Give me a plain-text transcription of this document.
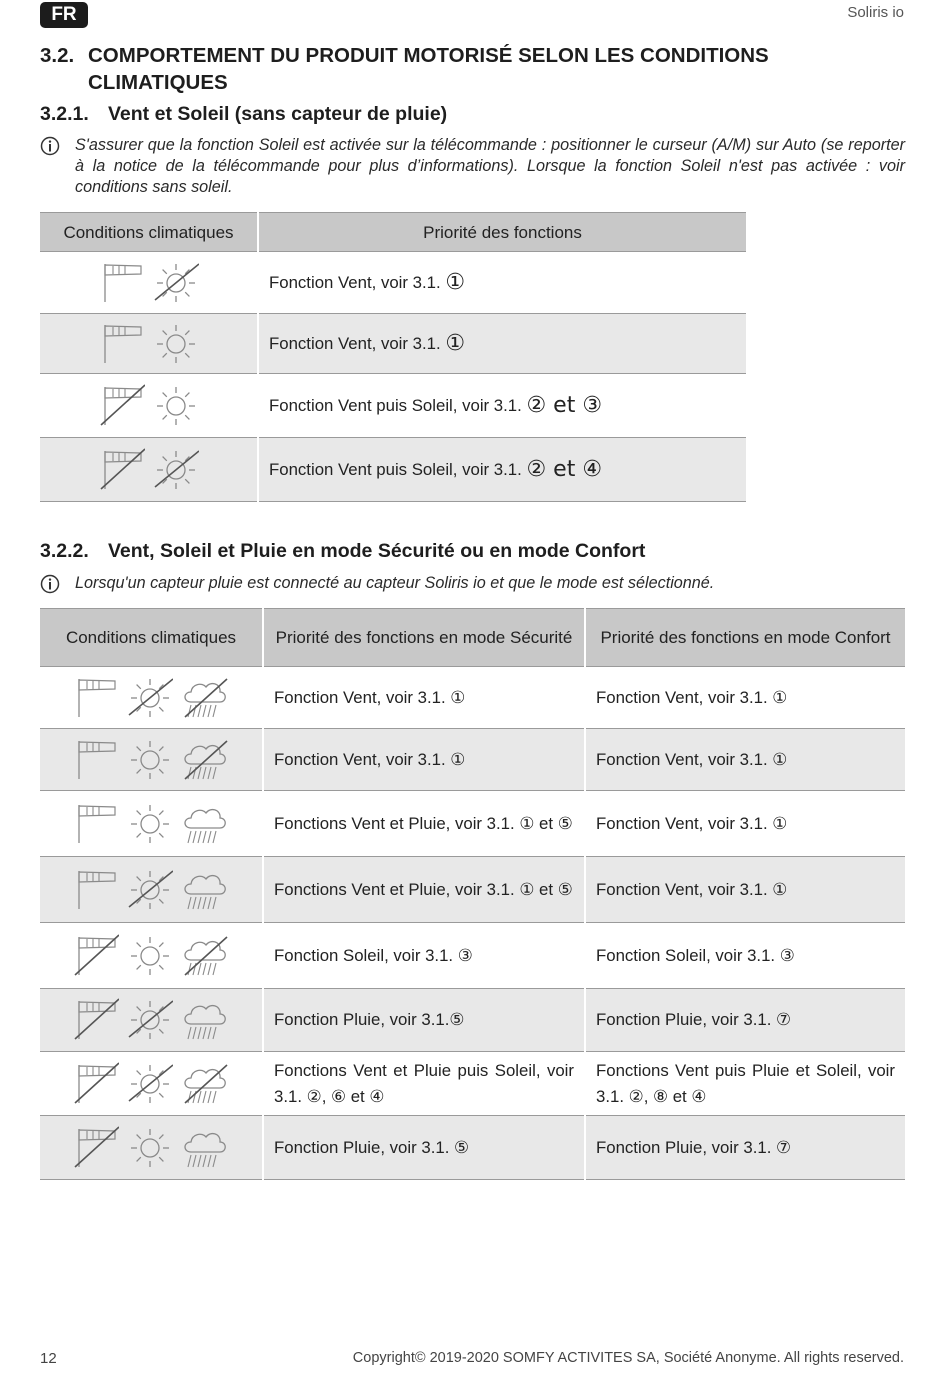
FR	Soliris io
3.2. COMPORTEMENT DU PRODUIT MOTORISÉ SELON LES CONDITIONS CLIMATIQUES
3.2.1. Vent et Soleil (sans capteur de pluie)

S'assurer que la fonction Soleil est activée sur la télécommande : positionner le curseur (A/M) sur Auto (se reporter à la notice de la télécommande pour plus d’informations). Lorsque la fonction Soleil n'est pas activée : voir conditions sans soleil.

Conditions climatiques	Priorité des fonctions
	Fonction Vent, voir 3.1. ①
	Fonction Vent, voir 3.1. ①
	Fonction Vent puis Soleil, voir 3.1. ② et ③
	Fonction Vent puis Soleil, voir 3.1. ② et ④
3.2.2. Vent, Soleil et Pluie en mode Sécurité ou en mode Confort

Lorsqu'un capteur pluie est connecté au capteur Soliris io et que le mode est sélectionné.

Conditions climatiques	Priorité des fonctions en mode Sécurité	Priorité des fonctions en mode Confort
	Fonction Vent, voir 3.1. ①	Fonction Vent, voir 3.1. ①
	Fonction Vent, voir 3.1. ①	Fonction Vent, voir 3.1. ①
	Fonctions Vent et Pluie, voir 3.1. ① et ⑤	Fonction Vent, voir 3.1. ①
	Fonctions Vent et Pluie, voir 3.1. ① et ⑤	Fonction Vent, voir 3.1. ①
	Fonction Soleil, voir 3.1. ③	Fonction Soleil, voir 3.1. ③
	Fonction Pluie, voir 3.1.⑤	Fonction Pluie, voir 3.1. ⑦
	Fonctions Vent et Pluie puis Soleil, voir 3.1. ②, ⑥ et ④	Fonctions Vent puis Pluie et Soleil, voir 3.1. ②, ⑧ et ④
	Fonction Pluie, voir 3.1. ⑤	Fonction Pluie, voir 3.1. ⑦
12	Copyright© 2019-2020 SOMFY ACTIVITES SA, Société Anonyme. All rights reserved.
